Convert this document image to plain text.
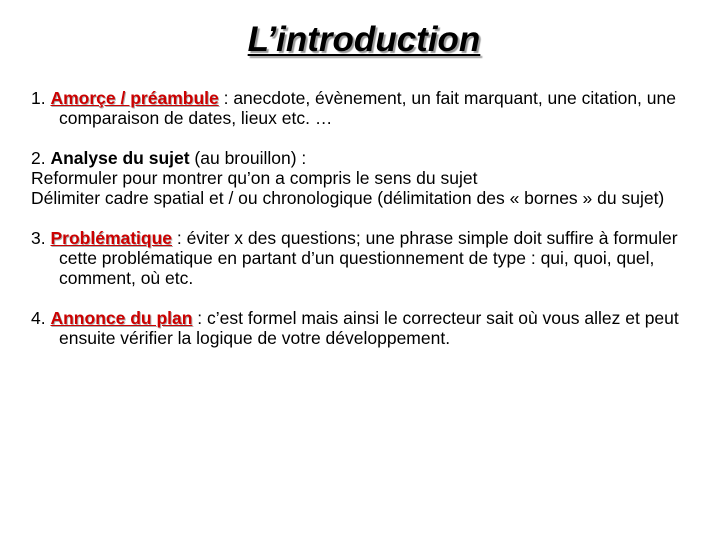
L’introduction

1. Amorçe / préambule : anecdote, évènement, un fait marquant, une citation, une comparaison de dates, lieux etc. …

2. Analyse du sujet (au brouillon) :

Reformuler pour montrer qu’on a compris le sens du sujet

Délimiter cadre spatial et / ou chronologique (délimitation des « bornes » du sujet)

3. Problématique : éviter x des questions; une phrase simple doit suffire à formuler cette problématique en partant d’un questionnement de type : qui, quoi, quel, comment, où etc.

4. Annonce du plan : c’est formel mais ainsi le correcteur sait où vous allez et peut ensuite vérifier la logique de votre développement.
